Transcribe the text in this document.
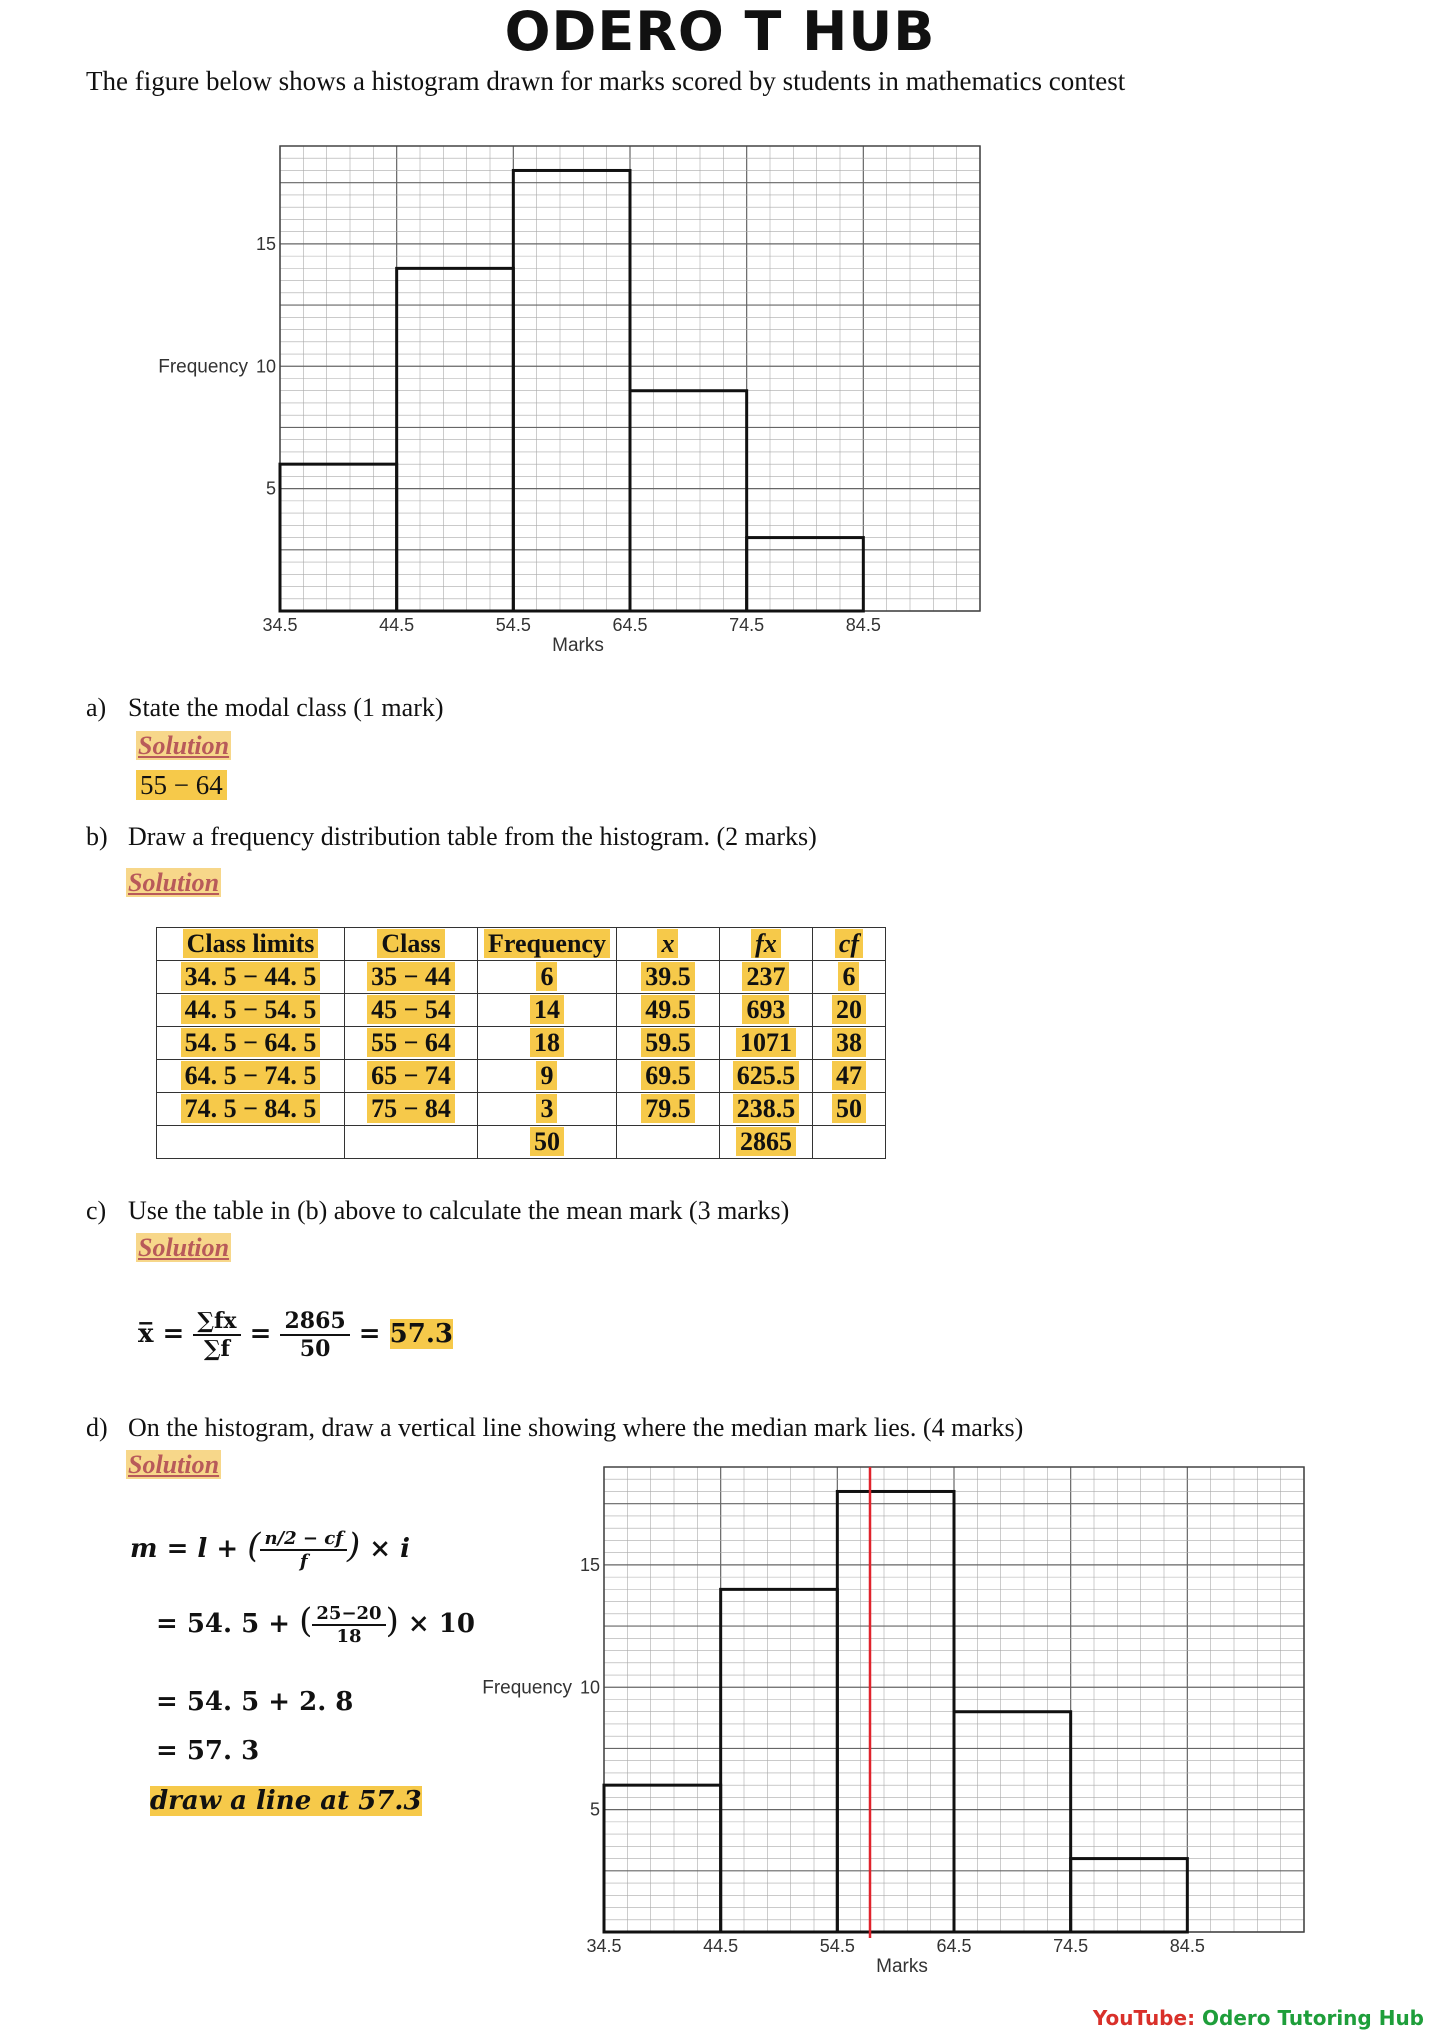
ODERO T HUB
The figure below shows a histogram drawn for marks scored by students in mathematics contest
5
10
15
34.5	44.5	54.5	64.5	74.5	84.5
Marks
Frequency
a) State the modal class (1 mark)
Solution
55 − 64
b) Draw a frequency distribution table from the histogram. (2 marks)
Solution
Class limits	Class	Frequency	x	fx	cf
34. 5 − 44. 5	35 − 44	6	39.5	237	6
44. 5 − 54. 5	45 − 54	14	49.5	693	20
54. 5 − 64. 5	55 − 64	18	59.5	1071	38
64. 5 − 74. 5	65 − 74	9	69.5	625.5	47
74. 5 − 84. 5	75 − 84	3	79.5	238.5	50
		50		2865	
c) Use the table in (b) above to calculate the mean mark (3 marks)
Solution
x̅ = $\frac{\sum fx}{\sum f} = \frac{2865}{50} = 57.3$
d) On the histogram, draw a vertical line showing where the median mark lies. (4 marks)
Solution
m = l + ( $\frac{n/2 - cf}{f}$ ) × i
= 54. 5 + ( $\frac{25-20}{18}$ ) × 10
= 54. 5 + 2. 8
= 57. 3
draw a line at 57.3	5
10
15
34.5	44.5	54.5	64.5	74.5	84.5
Marks
Frequency
YouTube: Odero Tutoring Hub
